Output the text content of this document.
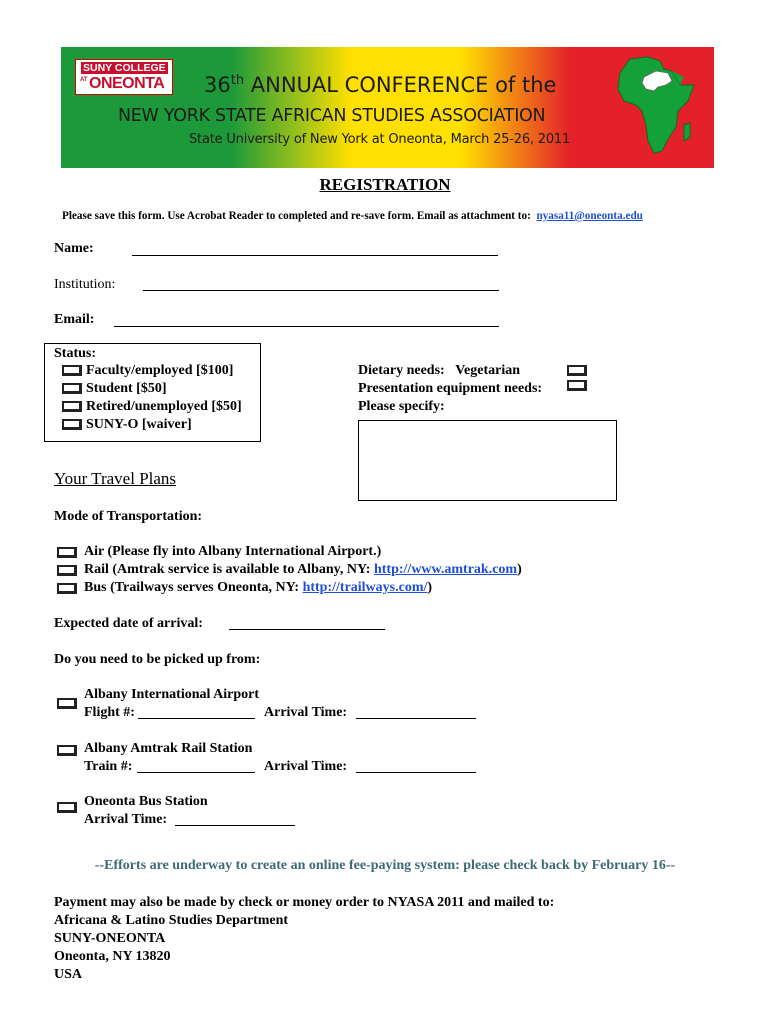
SUNY COLLEGE
AT ONEONTA 36th ANNUAL CONFERENCE of the
NEW YORK STATE AFRICAN STUDIES ASSOCIATION
State University of New York at Oneonta, March 25-26, 2011
REGISTRATION
Please save this form. Use Acrobat Reader to completed and re-save form. Email as attachment to: nyasa11@oneonta.edu
Name:
Institution:
Email:
Status:
Faculty/employed [$100]
Student [$50]
Retired/unemployed [$50]
SUNY-O [waiver]
Dietary needs: Vegetarian
Presentation equipment needs:
Please specify:
Your Travel Plans
Mode of Transportation:
Air (Please fly into Albany International Airport.)
Rail (Amtrak service is available to Albany, NY: http://www.amtrak.com)
Bus (Trailways serves Oneonta, NY: http://trailways.com/)
Expected date of arrival:
Do you need to be picked up from:
Albany International Airport
Flight #:	Arrival Time:
Albany Amtrak Rail Station
Train #:	Arrival Time:
Oneonta Bus Station
Arrival Time:
--Efforts are underway to create an online fee-paying system: please check back by February 16--
Payment may also be made by check or money order to NYASA 2011 and mailed to:
Africana & Latino Studies Department
SUNY-ONEONTA
Oneonta, NY 13820
USA
